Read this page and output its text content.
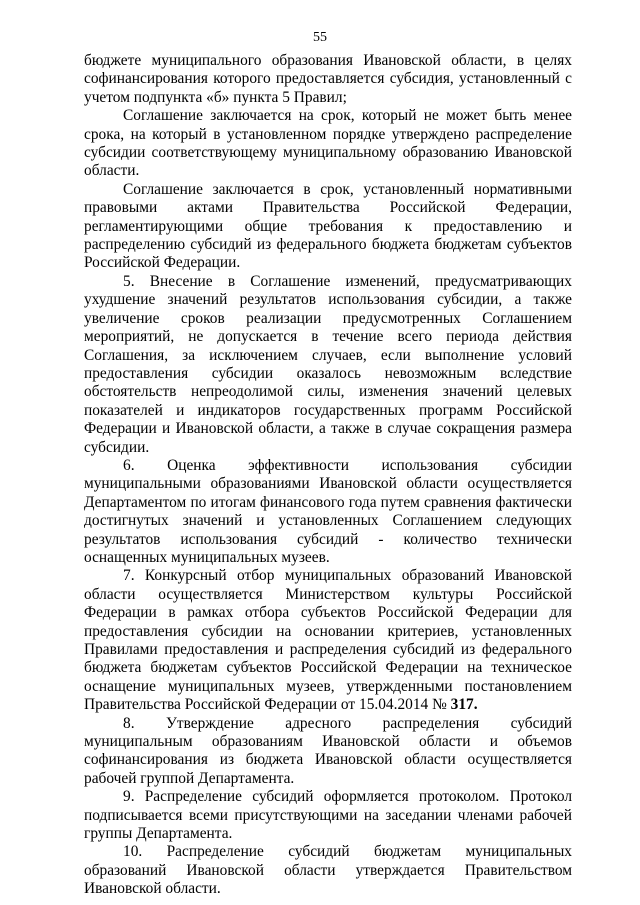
55

бюджете муниципального образования Ивановской области, в целях софинансирования которого предоставляется субсидия, установленный с учетом подпункта «б» пункта 5 Правил;

Соглашение заключается на срок, который не может быть менее срока, на который в установленном порядке утверждено распределение субсидии соответствующему муниципальному образованию Ивановской области.

Соглашение заключается в срок, установленный нормативными правовыми актами Правительства Российской Федерации, регламентирующими общие требования к предоставлению и распределению субсидий из федерального бюджета бюджетам субъектов Российской Федерации.

5. Внесение в Соглашение изменений, предусматривающих ухудшение значений результатов использования субсидии, а также увеличение сроков реализации предусмотренных Соглашением мероприятий, не допускается в течение всего периода действия Соглашения, за исключением случаев, если выполнение условий предоставления субсидии оказалось невозможным вследствие обстоятельств непреодолимой силы, изменения значений целевых показателей и индикаторов государственных программ Российской Федерации и Ивановской области, а также в случае сокращения размера субсидии.

6. Оценка эффективности использования субсидии муниципальными образованиями Ивановской области осуществляется Департаментом по итогам финансового года путем сравнения фактически достигнутых значений и установленных Соглашением следующих результатов использования субсидий - количество технически оснащенных муниципальных музеев.

7. Конкурсный отбор муниципальных образований Ивановской области осуществляется Министерством культуры Российской Федерации в рамках отбора субъектов Российской Федерации для предоставления субсидии на основании критериев, установленных Правилами предоставления и распределения субсидий из федерального бюджета бюджетам субъектов Российской Федерации на техническое оснащение муниципальных музеев, утвержденными постановлением Правительства Российской Федерации от 15.04.2014 № 317.

8. Утверждение адресного распределения субсидий муниципальным образованиям Ивановской области и объемов софинансирования из бюджета Ивановской области осуществляется рабочей группой Департамента.

9. Распределение субсидий оформляется протоколом. Протокол подписывается всеми присутствующими на заседании членами рабочей группы Департамента.

10. Распределение субсидий бюджетам муниципальных образований Ивановской области утверждается Правительством Ивановской области.
